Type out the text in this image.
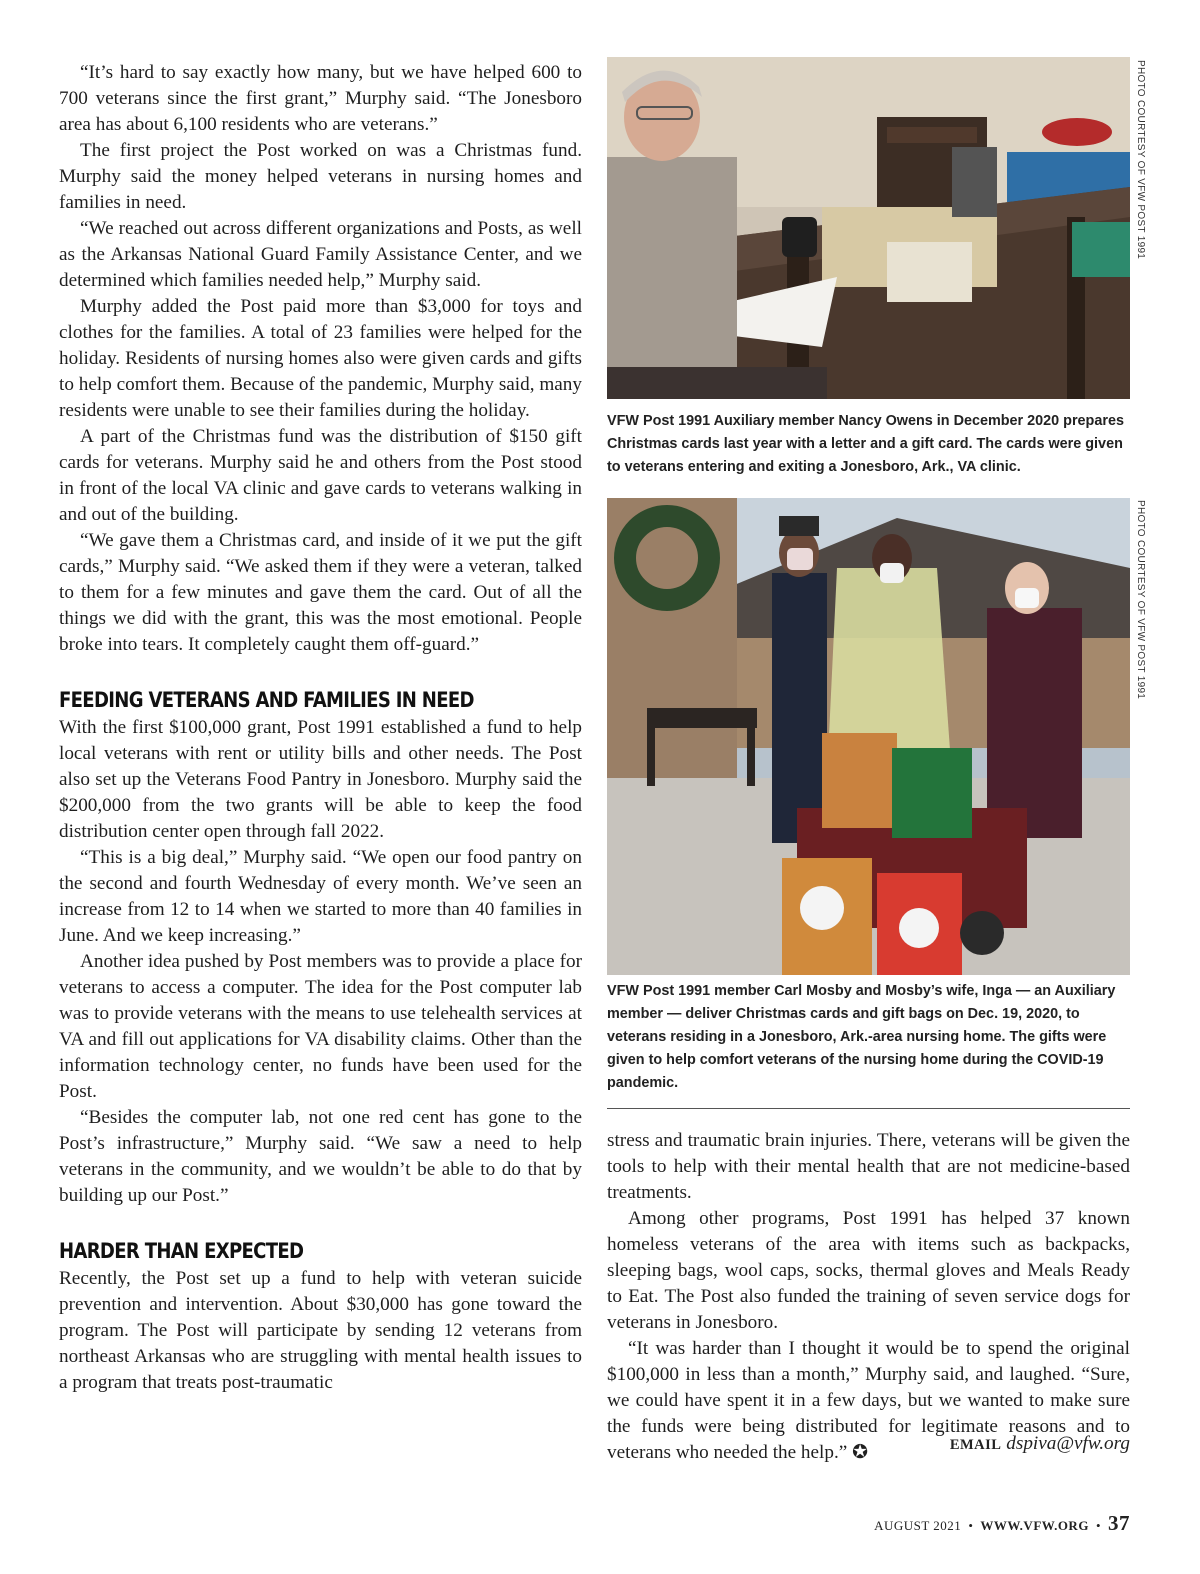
“It’s hard to say exactly how many, but we have helped 600 to 700 veterans since the first grant,” Murphy said. “The Jonesboro area has about 6,100 residents who are veterans.”

The first project the Post worked on was a Christmas fund. Murphy said the money helped veterans in nursing homes and families in need.

“We reached out across different organizations and Posts, as well as the Arkansas National Guard Family Assistance Center, and we determined which families needed help,” Murphy said.

Murphy added the Post paid more than $3,000 for toys and clothes for the families. A total of 23 families were helped for the holiday. Residents of nursing homes also were given cards and gifts to help comfort them. Because of the pandemic, Murphy said, many residents were unable to see their families during the holiday.

A part of the Christmas fund was the distribution of $150 gift cards for veterans. Murphy said he and others from the Post stood in front of the local VA clinic and gave cards to veterans walking in and out of the building.

“We gave them a Christmas card, and inside of it we put the gift cards,” Murphy said. “We asked them if they were a veteran, talked to them for a few minutes and gave them the card. Out of all the things we did with the grant, this was the most emotional. People broke into tears. It completely caught them off-guard.”

FEEDING VETERANS AND FAMILIES IN NEED

With the first $100,000 grant, Post 1991 established a fund to help local veterans with rent or utility bills and other needs. The Post also set up the Veterans Food Pantry in Jonesboro. Murphy said the $200,000 from the two grants will be able to keep the food distribution center open through fall 2022.

“This is a big deal,” Murphy said. “We open our food pantry on the second and fourth Wednesday of every month. We’ve seen an increase from 12 to 14 when we started to more than 40 families in June. And we keep increasing.”

Another idea pushed by Post members was to provide a place for veterans to access a computer. The idea for the Post computer lab was to provide veterans with the means to use telehealth services at VA and fill out applications for VA disability claims. Other than the information technology center, no funds have been used for the Post.

“Besides the computer lab, not one red cent has gone to the Post’s infrastructure,” Murphy said. “We saw a need to help veterans in the community, and we wouldn’t be able to do that by building up our Post.”

HARDER THAN EXPECTED

Recently, the Post set up a fund to help with veteran suicide prevention and intervention. About $30,000 has gone toward the program. The Post will participate by sending 12 veterans from northeast Arkansas who are struggling with mental health issues to a program that treats post-traumatic

PHOTO COURTESY OF VFW POST 1991

VFW Post 1991 Auxiliary member Nancy Owens in December 2020 prepares Christmas cards last year with a letter and a gift card. The cards were given to veterans entering and exiting a Jonesboro, Ark., VA clinic.

PHOTO COURTESY OF VFW POST 1991

VFW Post 1991 member Carl Mosby and Mosby’s wife, Inga — an Auxiliary member — deliver Christmas cards and gift bags on Dec. 19, 2020, to veterans residing in a Jonesboro, Ark.-area nursing home. The gifts were given to help comfort veterans of the nursing home during the COVID-19 pandemic.

stress and traumatic brain injuries. There, veterans will be given the tools to help with their mental health that are not medicine-based treatments.

Among other programs, Post 1991 has helped 37 known homeless veterans of the area with items such as backpacks, sleeping bags, wool caps, socks, thermal gloves and Meals Ready to Eat. The Post also funded the training of seven service dogs for veterans in Jonesboro.

“It was harder than I thought it would be to spend the original $100,000 in less than a month,” Murphy said, and laughed. “Sure, we could have spent it in a few days, but we wanted to make sure the funds were being distributed for legitimate reasons and to veterans who needed the help.” ✪	EMAIL dspiva@vfw.org
AUGUST 2021 • WWW.VFW.ORG • 37
